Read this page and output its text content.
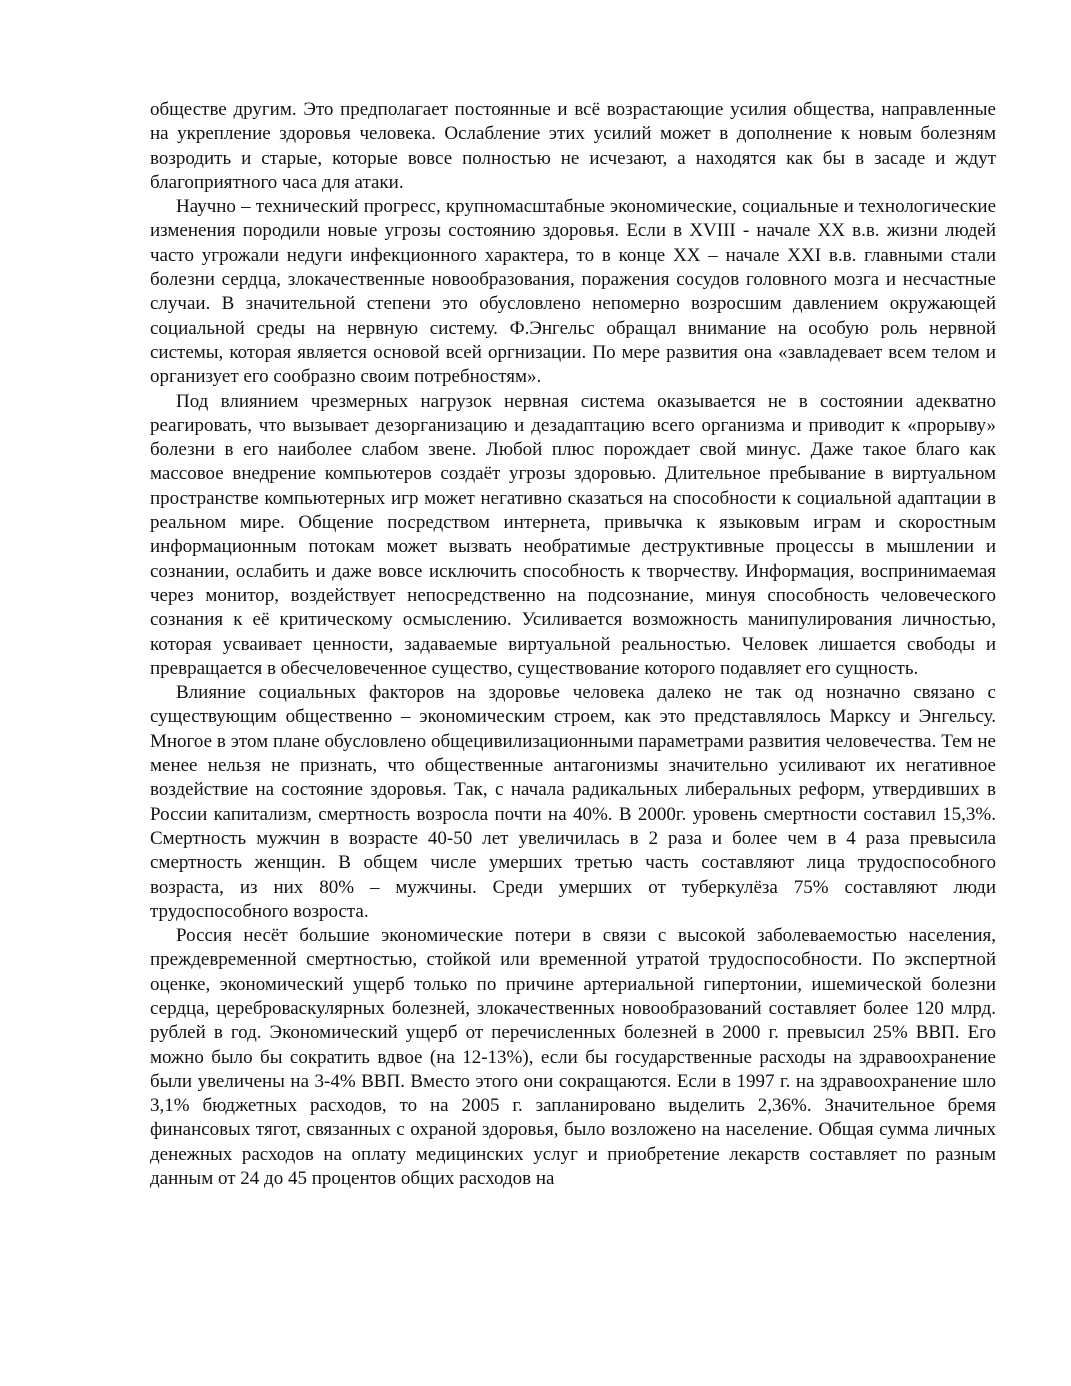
обществе другим. Это предполагает постоянные и всё возрастающие усилия общества, направленные на укрепление здоровья человека. Ослабление этих усилий может в дополнение к новым болезням возродить и старые, которые вовсе полностью не исчезают, а находятся как бы в засаде и ждут благоприятного часа для атаки.

Научно – технический прогресс, крупномасштабные экономические, социальные и технологические изменения породили новые угрозы состоянию здоровья. Если в XVIII - начале XX в.в. жизни людей часто угрожали недуги инфекционного характера, то в конце XX – начале XXI в.в. главными стали болезни сердца, злокачественные новообразования, поражения сосудов головного мозга и несчастные случаи. В значительной степени это обусловлено непомерно возросшим давлением окружающей социальной среды на нервную систему. Ф.Энгельс обращал внимание на особую роль нервной системы, которая является основой всей оргнизации. По мере развития она «завладевает всем телом и организует его сообразно своим потребностям».

Под влиянием чрезмерных нагрузок нервная система оказывается не в состоянии адекватно реагировать, что вызывает дезорганизацию и дезадаптацию всего организма и приводит к «прорыву» болезни в его наиболее слабом звене. Любой плюс порождает свой минус. Даже такое благо как массовое внедрение компьютеров создаёт угрозы здоровью. Длительное пребывание в виртуальном пространстве компьютерных игр может негативно сказаться на способности к социальной адаптации в реальном мире. Общение посредством интернета, привычка к языковым играм и скоростным информационным потокам может вызвать необратимые деструктивные процессы в мышлении и сознании, ослабить и даже вовсе исключить способность к творчеству. Информация, воспринимаемая через монитор, воздействует непосредственно на подсознание, минуя способность человеческого сознания к её критическому осмыслению. Усиливается возможность манипулирования личностью, которая усваивает ценности, задаваемые виртуальной реальностью. Человек лишается свободы и превращается в обесчеловеченное существо, существование которого подавляет его сущность.

Влияние социальных факторов на здоровье человека далеко не так од нозначно связано с существующим общественно – экономическим строем, как это представлялось Марксу и Энгельсу. Многое в этом плане обусловлено общецивилизационными параметрами развития человечества. Тем не менее нельзя не признать, что общественные антагонизмы значительно усиливают их негативное воздействие на состояние здоровья. Так, с начала радикальных либеральных реформ, утвердивших в России капитализм, смертность возросла почти на 40%. В 2000г. уровень смертности составил 15,3%. Смертность мужчин в возрасте 40-50 лет увеличилась в 2 раза и более чем в 4 раза превысила смертность женщин. В общем числе умерших третью часть составляют лица трудоспособного возраста, из них 80% – мужчины. Среди умерших от туберкулёза 75% составляют люди трудоспособного возроста.

Россия несёт большие экономические потери в связи с высокой заболеваемостью населения, преждевременной смертностью, стойкой или временной утратой трудоспособности. По экспертной оценке, экономический ущерб только по причине артериальной гипертонии, ишемической болезни сердца, цереброваскулярных болезней, злокачественных новообразований составляет более 120 млрд. рублей в год. Экономический ущерб от перечисленных болезней в 2000 г. превысил 25% ВВП. Его можно было бы сократить вдвое (на 12-13%), если бы государственные расходы на здравоохранение были увеличены на 3-4% ВВП. Вместо этого они сокращаются. Если в 1997 г. на здравоохранение шло 3,1% бюджетных расходов, то на 2005 г. запланировано выделить 2,36%. Значительное бремя финансовых тягот, связанных с охраной здоровья, было возложено на население. Общая сумма личных денежных расходов на оплату медицинских услуг и приобретение лекарств составляет по разным данным от 24 до 45 процентов общих расходов на
